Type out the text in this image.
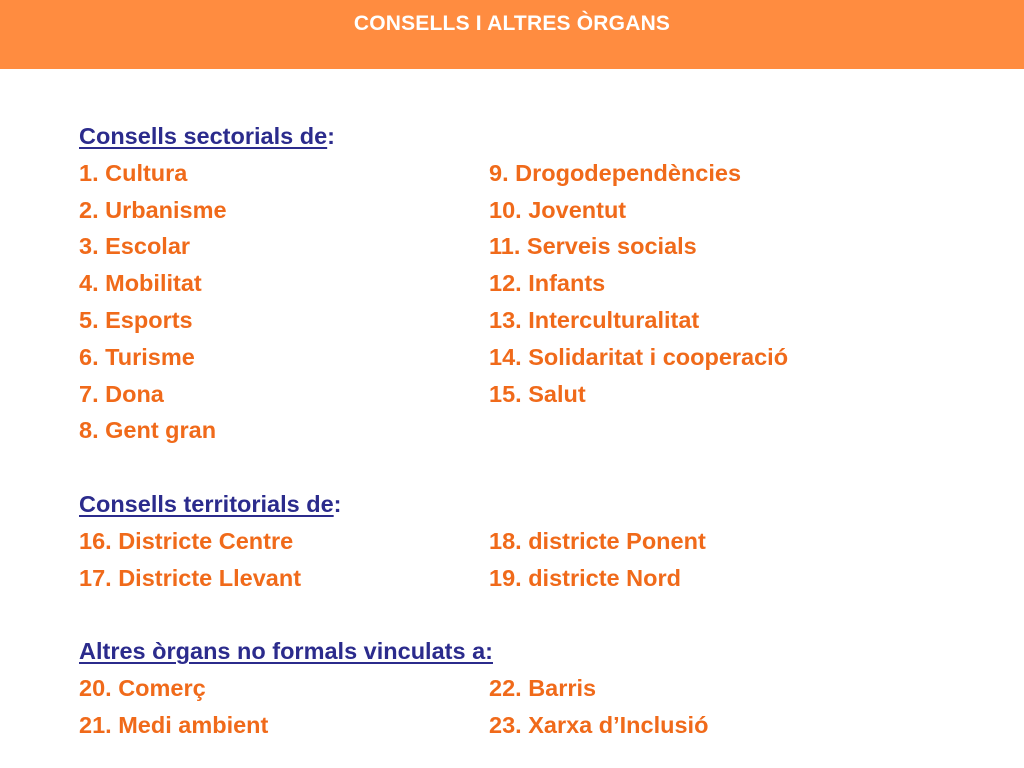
CONSELLS I ALTRES ÒRGANS
Consells sectorials de:
1. Cultura	9. Drogodependències
2. Urbanisme	10. Joventut
3. Escolar	11. Serveis socials
4. Mobilitat	12. Infants
5. Esports	13. Interculturalitat
6. Turisme	14. Solidaritat i cooperació
7. Dona	15. Salut
8. Gent gran
Consells territorials de:
16. Districte Centre	18. districte Ponent
17. Districte Llevant	19. districte Nord
Altres òrgans no formals vinculats a:
20. Comerç	22. Barris
21. Medi ambient	23. Xarxa d’Inclusió
